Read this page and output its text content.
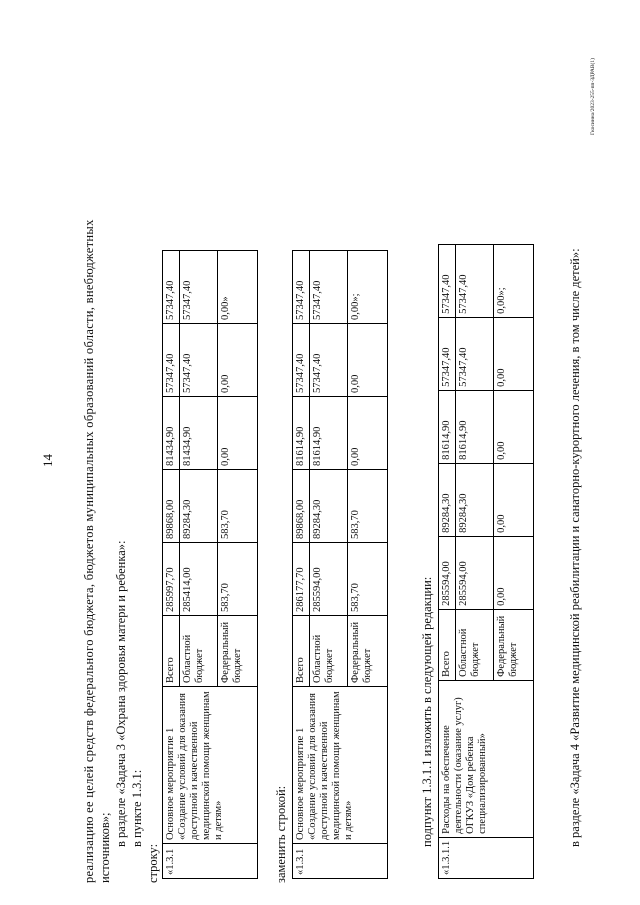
14 реализацию ее целей средств федерального бюджета, бюджетов муниципальных образований области, внебюджетных источников»;
в разделе «Задача 3 «Охрана здоровья матери и ребенка»: в пункте 1.3.1:
строку: «1.3.1	Основное мероприятие 1 «Создание условий для оказания доступной и качественной медицинской помощи женщинам и детям»	Всего	285997,70	89868,00	81434,90	57347,40	57347,40
		Областной бюджет	285414,00	89284,30	81434,90	57347,40	57347,40
		Федеральный бюджет	583,70	583,70	0,00	0,00	0,00»
заменить строкой: «1.3.1	Основное мероприятие 1 «Создание условий для оказания доступной и качественной медицинской помощи женщинам и детям»	Всего	286177,70	89868,00	81614,90	57347,40	57347,40
		Областной бюджет	285594,00	89284,30	81614,90	57347,40	57347,40
		Федеральный бюджет	583,70	583,70	0,00	0,00	0,00»;
подпункт 1.3.1.1 изложить в следующей редакции:
«1.3.1.1	Расходы на обеспечение деятельности (оказание услуг) ОГКУЗ «Дом ребенка специализированный»	Всего	285594,00	89284,30	81614,90	57347,40	57347,40
		Областной бюджет	285594,00	89284,30	81614,90	57347,40	57347,40
		Федеральный бюджет	0,00	0,00	0,00	0,00	0,00»;	в разделе «Задача 4 «Развитие медицинской реабилитации и санаторно-курортного лечения, в том числе детей»:
Гкосинна/2023-255-пп-ЗДРАВ(1)
